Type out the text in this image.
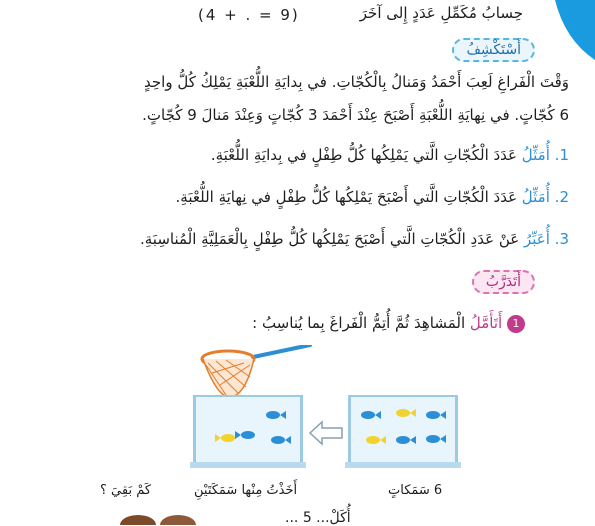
حِسابُ مُكَمِّلِ عَدَدٍ إِلى آخَرَ
(4 + . = 9)
أَسْتَكْشِفُ
وَقْتَ الْفَراغِ لَعِبَ أَحْمَدُ وَمَنالُ بِالْكُجّاتِ. في بِدايَةِ اللُّعْبَةِ يَمْلِكُ كُلُّ واحِدٍ
6 كُجّاتٍ. في نِهايَةِ اللُّعْبَةِ أَصْبَحَ عِنْدَ أَحْمَدَ 3 كُجّاتٍ وَعِنْدَ مَنالَ 9 كُجّاتٍ.
1. أُمَثِّلُ عَدَدَ الْكُجّاتِ الَّتي يَمْلِكُها كُلُّ طِفْلٍ في بِدايَةِ اللُّعْبَةِ.
2. أُمَثِّلُ عَدَدَ الْكُجّاتِ الَّتي أَصْبَحَ يَمْلِكُها كُلُّ طِفْلٍ في نِهايَةِ اللُّعْبَةِ.
3. أُعَبِّرُ عَنْ عَدَدِ الْكُجّاتِ الَّتي أَصْبَحَ يَمْلِكُها كُلُّ طِفْلٍ بِالْعَمَلِيَّةِ الْمُناسِبَةِ.
أَتَدَرَّبُ
1 أَتَأَمَّلُ الْمَشاهِدَ ثُمَّ أُتِمُّ الْفَراغَ بِما يُناسِبُ :
كَمْ بَقِيَ ؟	أَخَذْتُ مِنْها سَمَكَتَيْنِ	6 سَمَكاتٍ
أُكَلْ... 5 ...
